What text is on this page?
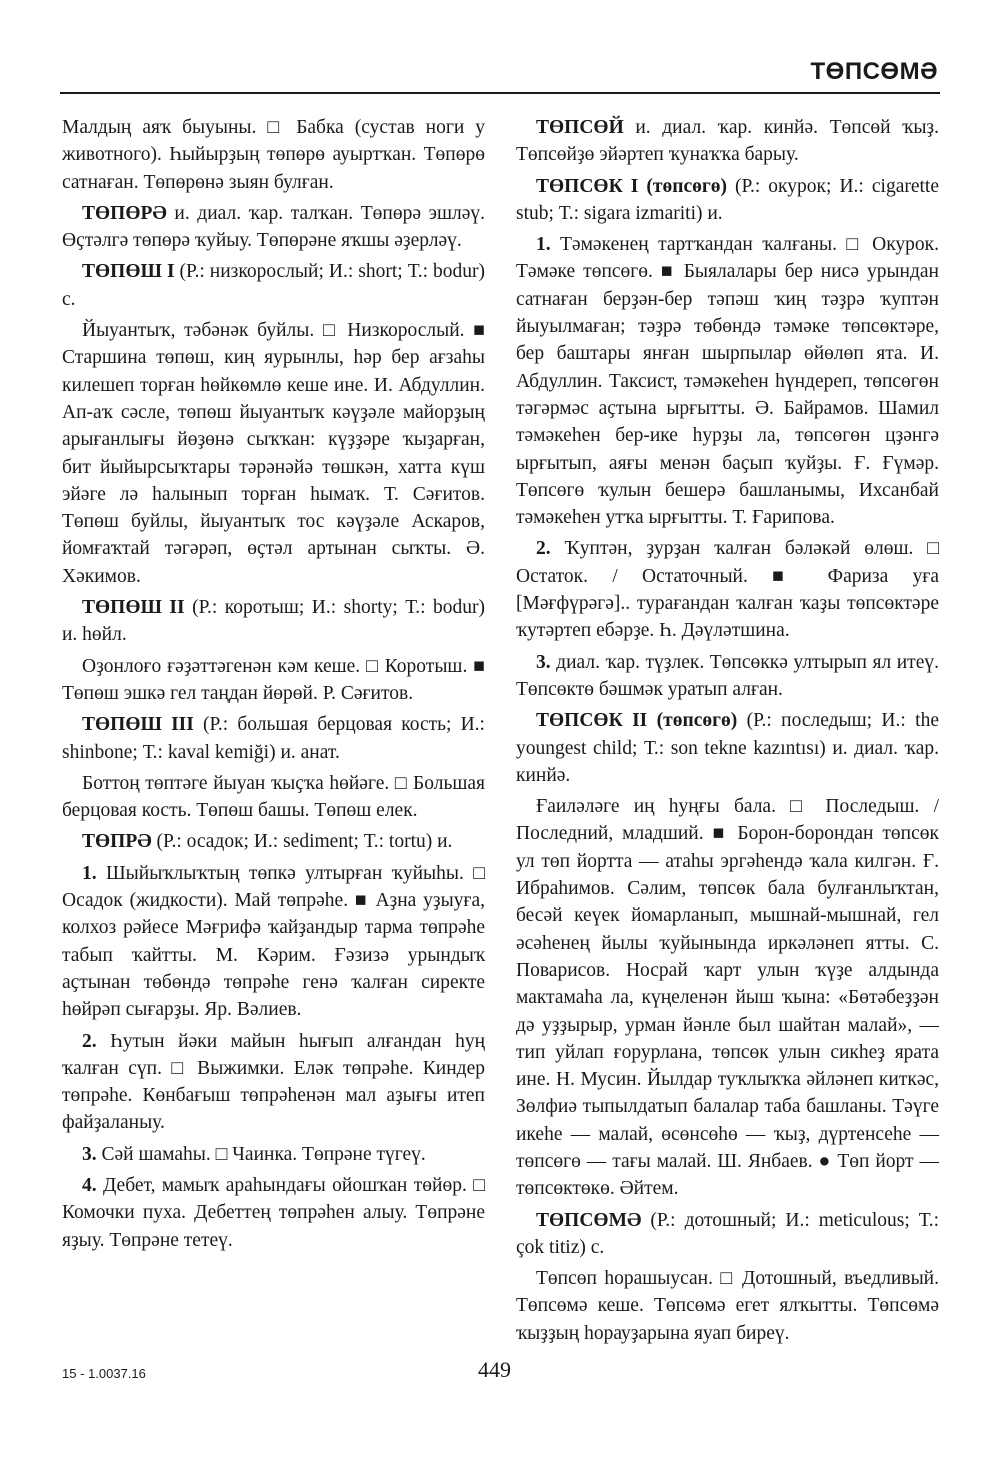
ТӨПСӨМӘ

Малдың аяҡ быуыны. □ Бабка (сустав ноги у животного). Һыйырҙың төпөрө ауыртҡан. Төпөрө сатнаған. Төпөрөнә зыян булған.

ТӨПӨРӘ и. диал. ҡар. талҡан. Төпөрә эшләү. Өҫтәлгә төпөрә ҡуйыу. Төпөрәне яҡшы әҙерләү.

ТӨПӨШ I (Р.: низкорослый; И.: short; Т.: bodur) с.

Йыуантыҡ, тәбәнәк буйлы. □ Низкорослый. ■ Старшина төпөш, киң яурынлы, һәр бер ағзаһы килешеп торған һөйкөмлө кеше ине. И. Абдуллин. Ап-аҡ сәсле, төпөш йыуантыҡ кәүҙәле майорҙың арығанлығы йөҙөнә сыҡҡан: күҙҙәре ҡыҙарған, бит йыйырсыҡтары тәрәнәйә төшкән, хатта күш эйәге лә һалынып торған һымаҡ. Т. Сәғитов. Төпөш буйлы, йыуантыҡ тос кәүҙәле Аскаров, йомғаҡтай тәгәрәп, өҫтәл артынан сыҡты. Ә. Хәкимов.

ТӨПӨШ II (Р.: коротыш; И.: shorty; Т.: bodur) и. һөйл.

Оҙонлоғо ғәҙәттәгенән кәм кеше. □ Коротыш. ■ Төпөш эшкә гел таңдан йөрөй. Р. Сәғитов.

ТӨПӨШ III (Р.: большая берцовая кость; И.: shinbone; Т.: kaval kemiği) и. анат.

Боттоң төптәге йыуан ҡыҫҡа һөйәге. □ Большая берцовая кость. Төпөш башы. Төпөш елек.

ТӨПРӘ (Р.: осадок; И.: sediment; Т.: tortu) и.

1. Шыйыҡлыҡтың төпкә ултырған ҡуйыһы. □ Осадок (жидкости). Май төпрәһе. ■ Аҙна уҙыуға, колхоз рәйесе Мәғрифә ҡайҙандыр тарма төпрәһе табып ҡайтты. М. Кәрим. Ғәзизә урындыҡ аҫтынан төбөндә төпрәһе генә ҡалған сиректе һөйрәп сығарҙы. Яр. Вәлиев.

2. Һутын йәки майын һығып алғандан һуң ҡалған сүп. □ Выжимки. Еләк төпрәһе. Киндер төпрәһе. Көнбағыш төпрәһенән мал аҙығы итеп файҙаланыу.

3. Сәй шамаһы. □ Чаинка. Төпрәне түгеү.

4. Дебет, мамыҡ араһындағы ойошҡан төйөр. □ Комочки пуха. Дебеттең төпрәһен алыу. Төпрәне яҙыу. Төпрәне тетеү.

ТӨПСӨЙ и. диал. ҡар. кинйә. Төпсөй ҡыҙ. Төпсөйҙө эйәртеп ҡунаҡҡа барыу.

ТӨПСӨК I (төпсөгө) (Р.: окурок; И.: cigarette stub; Т.: sigara izmariti) и.

1. Тәмәкенең тартҡандан ҡалғаны. □ Окурок. Тәмәке төпсөгө. ■ Быялалары бер нисә урындан сатнаған берҙән-бер тәпәш ҡиң тәҙрә ҡуптән йыуылмаған; тәҙрә төбөндә тәмәке төпсөктәре, бер баштары янған шырпылар өйөлөп ята. И. Абдуллин. Таксист, тәмәкеһен һүндереп, төпсөгөн тәгәрмәс аҫтына ырғытты. Ә. Байрамов. Шамил тәмәкеһен бер-ике һурҙы ла, төпсөгөн цҙәнгә ырғытып, аяғы менән баҫып ҡуйҙы. Ғ. Ғүмәр. Төпсөгө ҡулын бешерә башланымы, Ихсанбай тәмәкеһен утҡа ырғытты. Т. Ғарипова.

2. Ҡуптән, ҙурҙан ҡалған бәләкәй өлөш. □ Остаток. / Остаточный. ■ Фариза уға [Мәғфүрәгә].. турағандан ҡалған ҡаҙы төпсөктәре ҡутәртеп ебәрҙе. Һ. Дәүләтшина.

3. диал. ҡар. түҙлек. Төпсөккә ултырып ял итеү. Төпсөктө бәшмәк уратып алған.

ТӨПСӨК II (төпсөгө) (Р.: последыш; И.: the youngest child; Т.: son tekne kazıntısı) и. диал. ҡар. кинйә.

Ғаиләләге иң һуңғы бала. □ Последыш. / Последний, младший. ■ Борон-борондан төпсөк ул төп йортта — атаһы эргәһендә ҡала килгән. Ғ. Ибраһимов. Сәлим, төпсөк бала булғанлыҡтан, бесәй кеүек йомарланып, мышнай-мышнай, гел әсәһенең йылы ҡуйынында иркәләнеп ятты. С. Поварисов. Носрай ҡарт улын ҡүҙе алдында мактамаһа ла, күңеленән йыш ҡына: «Бөтәбеҙҙән дә уҙҙырыр, урман йәнле был шайтан малай», — тип уйлап ғорурлана, төпсөк улын сикһеҙ ярата ине. Н. Мусин. Йылдар туҡлыҡҡа әйләнеп киткәс, Зөлфиә тыпылдатып балалар таба башланы. Тәүге икеһе — малай, өсөнсөһө — ҡыҙ, дүртенсеһе — төпсөгө — тағы малай. Ш. Янбаев. ● Төп йорт — төпсөктөкө. Әйтем.

ТӨПСӨМӘ (Р.: дотошный; И.: meticulous; Т.: çok titiz) с.

Төпсөп һорашыусан. □ Дотошный, въедливый. Төпсөмә кеше. Төпсөмә егет ялҡытты. Төпсөмә ҡыҙҙың һорауҙарына яуап биреү.

15 - 1.0037.16	449
